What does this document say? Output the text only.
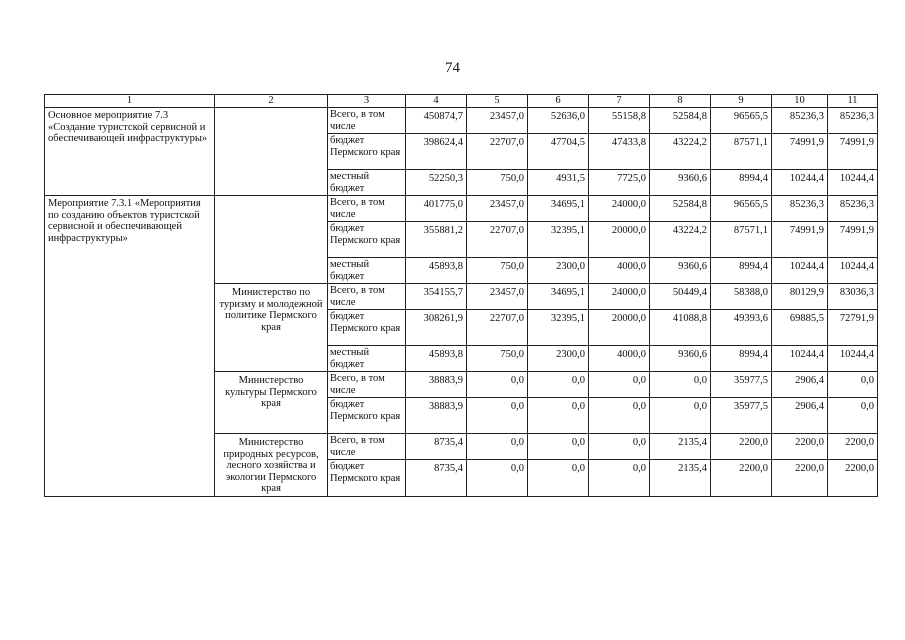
74
1	2	3	4	5	6	7	8	9	10	11
Основное мероприятие 7.3 «Создание туристской сервисной и обеспечивающей инфраструктуры»		Всего, в том числе	450874,7	23457,0	52636,0	55158,8	52584,8	96565,5	85236,3	85236,3
		бюджет Пермского края	398624,4	22707,0	47704,5	47433,8	43224,2	87571,1	74991,9	74991,9
		местный бюджет	52250,3	750,0	4931,5	7725,0	9360,6	8994,4	10244,4	10244,4
Мероприятие 7.3.1 «Мероприятия по созданию объектов туристской сервисной и обеспечивающей инфраструктуры»		Всего, в том числе	401775,0	23457,0	34695,1	24000,0	52584,8	96565,5	85236,3	85236,3
		бюджет Пермского края	355881,2	22707,0	32395,1	20000,0	43224,2	87571,1	74991,9	74991,9
		местный бюджет	45893,8	750,0	2300,0	4000,0	9360,6	8994,4	10244,4	10244,4
	Министерство по туризму и молодежной политике Пермского края	Всего, в том числе	354155,7	23457,0	34695,1	24000,0	50449,4	58388,0	80129,9	83036,3
		бюджет Пермского края	308261,9	22707,0	32395,1	20000,0	41088,8	49393,6	69885,5	72791,9
		местный бюджет	45893,8	750,0	2300,0	4000,0	9360,6	8994,4	10244,4	10244,4
	Министерство культуры Пермского края	Всего, в том числе	38883,9	0,0	0,0	0,0	0,0	35977,5	2906,4	0,0
		бюджет Пермского края	38883,9	0,0	0,0	0,0	0,0	35977,5	2906,4	0,0
	Министерство природных ресурсов, лесного хозяйства и экологии Пермского края	Всего, в том числе	8735,4	0,0	0,0	0,0	2135,4	2200,0	2200,0	2200,0
		бюджет Пермского края	8735,4	0,0	0,0	0,0	2135,4	2200,0	2200,0	2200,0
